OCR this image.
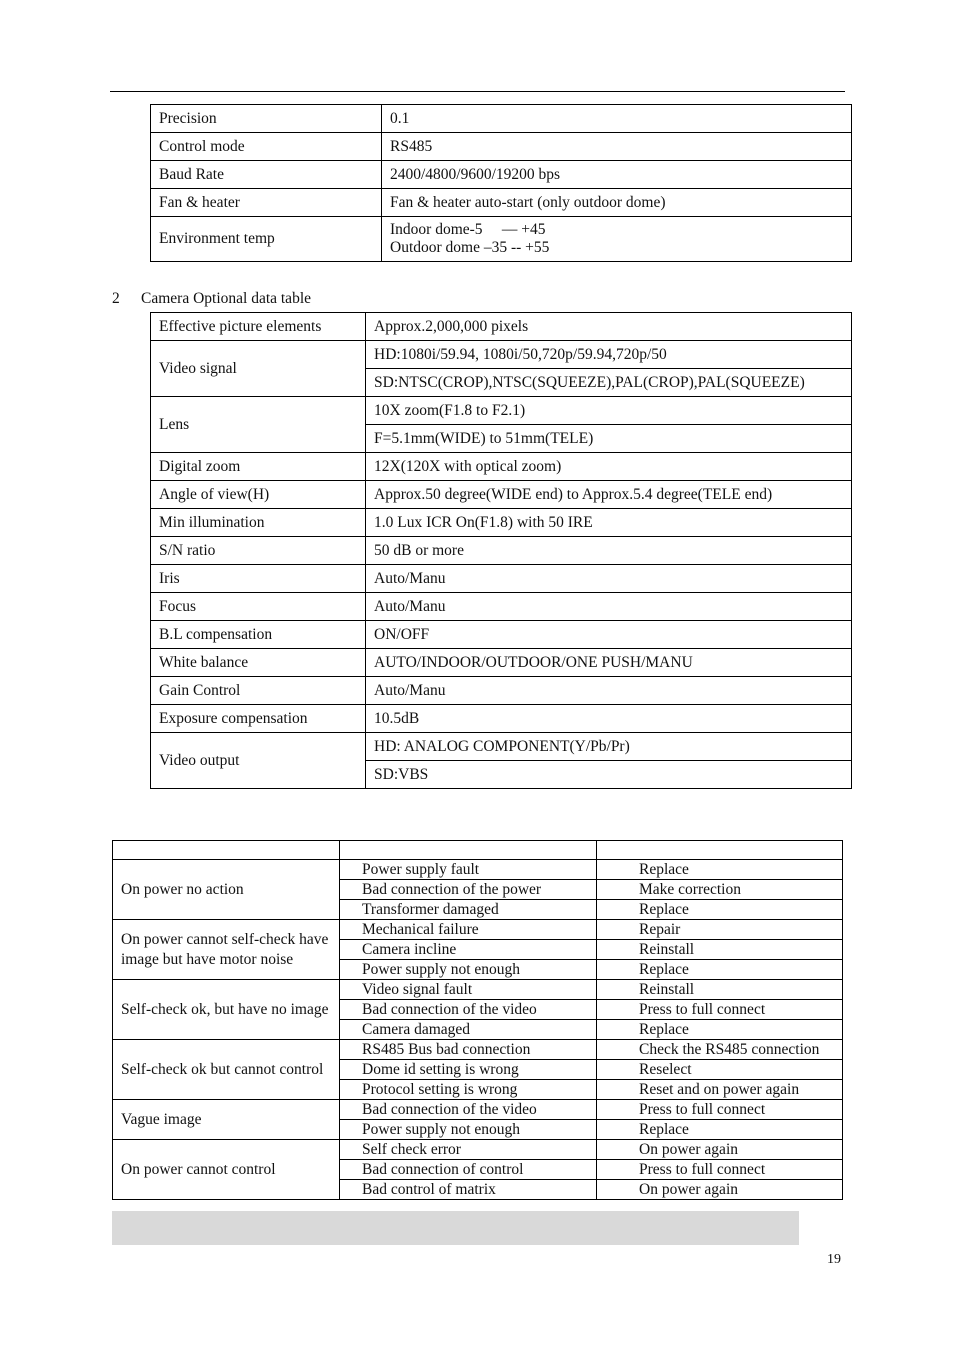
Precision	0.1
Control mode	RS485
Baud Rate	2400/4800/9600/19200 bps
Fan & heater	Fan & heater auto-start (only outdoor dome)
Environment temp	Indoor dome-5     — +45
Outdoor dome –35 -- +55
2 Camera Optional data table
Effective picture elements	Approx.2,000,000 pixels
Video signal	HD:1080i/59.94, 1080i/50,720p/59.94,720p/50
	SD:NTSC(CROP),NTSC(SQUEEZE),PAL(CROP),PAL(SQUEEZE)
Lens	10X zoom(F1.8 to F2.1)
	F=5.1mm(WIDE) to 51mm(TELE)
Digital zoom	12X(120X with optical zoom)
Angle of view(H)	Approx.50 degree(WIDE end) to Approx.5.4 degree(TELE end)
Min illumination	1.0 Lux ICR On(F1.8) with 50 IRE
S/N ratio	50 dB or more
Iris	Auto/Manu
Focus	Auto/Manu
B.L compensation	ON/OFF
White balance	AUTO/INDOOR/OUTDOOR/ONE PUSH/MANU
Gain Control	Auto/Manu
Exposure compensation	10.5dB
Video output	HD: ANALOG COMPONENT(Y/Pb/Pr)
	SD:VBS

On power no action	Power supply fault	Replace
	Bad connection of the power	Make correction
	Transformer damaged	Replace
On power cannot self-check have image but have motor noise	Mechanical failure	Repair
	Camera incline	Reinstall
	Power supply not enough	Replace
Self-check ok, but have no image	Video signal fault	Reinstall
	Bad connection of the video	Press to full connect
	Camera damaged	Replace
Self-check ok but cannot control	RS485 Bus bad connection	Check the RS485 connection
	Dome id setting is wrong	Reselect
	Protocol setting is wrong	Reset and on power again
Vague image	Bad connection of the video	Press to full connect
	Power supply not enough	Replace
On power cannot control	Self check error	On power again
	Bad connection of control	Press to full connect
	Bad control of matrix	On power again
19
